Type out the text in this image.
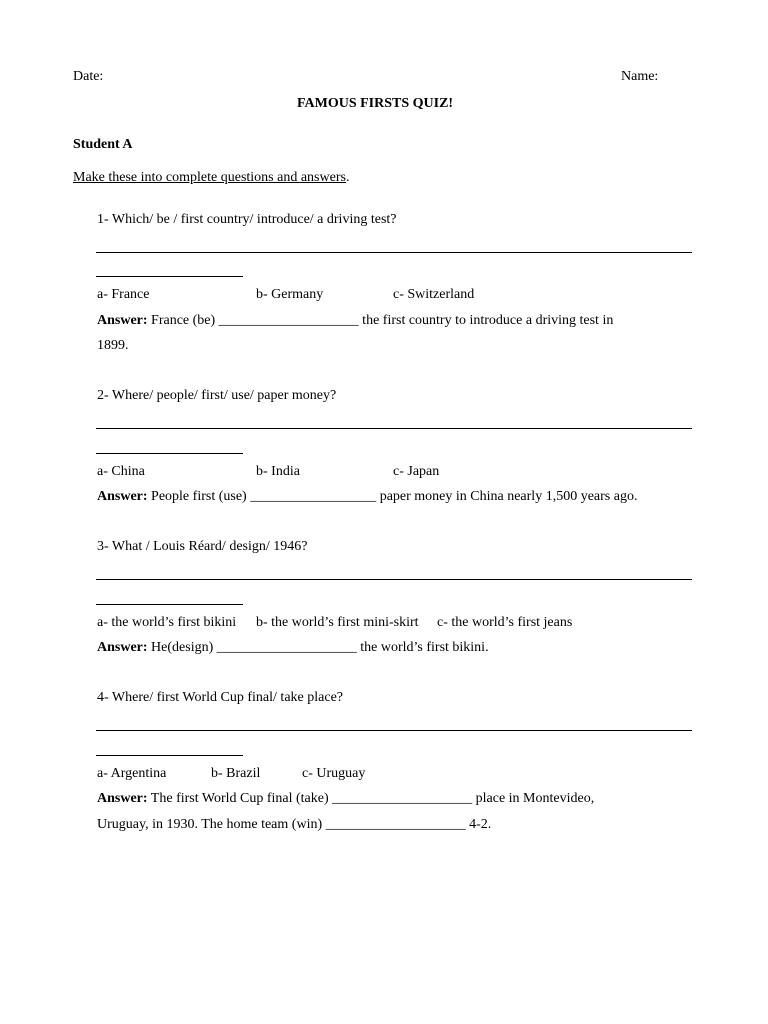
Date:	Name:
FAMOUS FIRSTS QUIZ!
Student A
Make these into complete questions and answers.
1- Which/ be / first country/ introduce/ a driving test?
a- France	b- Germany	c- Switzerland
Answer: France (be) ____________________ the first country to introduce a driving test in
1899.
2- Where/ people/ first/ use/ paper money?
a- China	b- India	c- Japan
Answer: People first (use) __________________ paper money in China nearly 1,500 years ago.
3- What / Louis Réard/ design/ 1946?
a- the world’s first bikini b- the world’s first mini-skirt c- the world’s first jeans
Answer: He(design) ____________________ the world’s first bikini.
4- Where/ first World Cup final/ take place?
a- Argentina	b- Brazil	c- Uruguay
Answer: The first World Cup final (take) ____________________ place in Montevideo,
Uruguay, in 1930. The home team (win) ____________________ 4-2.
